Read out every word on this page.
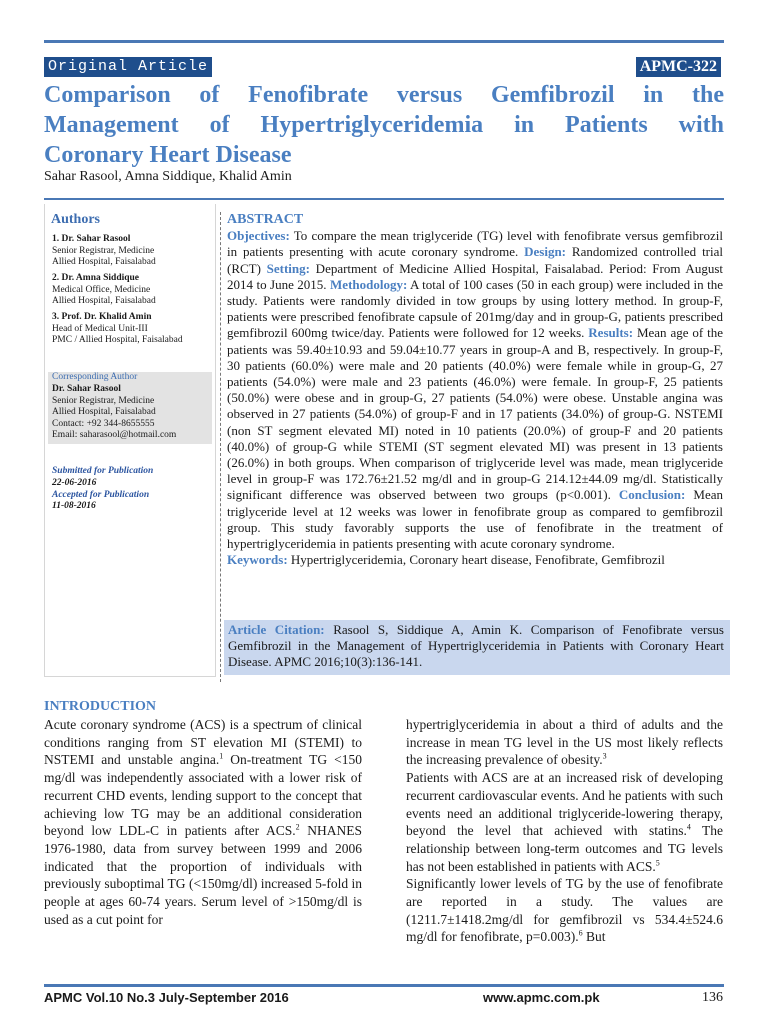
Original Article	APMC-322
Comparison of Fenofibrate versus Gemfibrozil in the
Management of Hypertriglyceridemia in Patients with
Coronary Heart Disease
Sahar Rasool, Amna Siddique, Khalid Amin
Authors
1. Dr. Sahar Rasool
Senior Registrar, Medicine
Allied Hospital, Faisalabad
2. Dr. Amna Siddique
Medical Office, Medicine
Allied Hospital, Faisalabad
3. Prof. Dr. Khalid Amin
Head of Medical Unit-III
PMC / Allied Hospital, Faisalabad
Corresponding Author
Dr. Sahar Rasool
Senior Registrar, Medicine
Allied Hospital, Faisalabad
Contact: +92 344-8655555
Email: saharasool@hotmail.com
Submitted for Publication
22-06-2016
Accepted for Publication
11-08-2016
ABSTRACT
Objectives: To compare the mean triglyceride (TG) level with fenofibrate versus gemfibrozil in patients presenting with acute coronary syndrome. Design: Randomized controlled trial (RCT) Setting: Department of Medicine Allied Hospital, Faisalabad. Period: From August 2014 to June 2015. Methodology: A total of 100 cases (50 in each group) were included in the study. Patients were randomly divided in tow groups by using lottery method. In group-F, patients were prescribed fenofibrate capsule of 201mg/day and in group-G, patients prescribed gemfibrozil 600mg twice/day. Patients were followed for 12 weeks. Results: Mean age of the patients was 59.40±10.93 and 59.04±10.77 years in group-A and B, respectively. In group-F, 30 patients (60.0%) were male and 20 patients (40.0%) were female while in group-G, 27 patients (54.0%) were male and 23 patients (46.0%) were female. In group-F, 25 patients (50.0%) were obese and in group-G, 27 patients (54.0%) were obese. Unstable angina was observed in 27 patients (54.0%) of group-F and in 17 patients (34.0%) of group-G. NSTEMI (non ST segment elevated MI) noted in 10 patients (20.0%) of group-F and 20 patients (40.0%) of group-G while STEMI (ST segment elevated MI) was present in 13 patients (26.0%) in both groups. When comparison of triglyceride level was made, mean triglyceride level in group-F was 172.76±21.52 mg/dl and in group-G 214.12±44.09 mg/dl. Statistically significant difference was observed between two groups (p<0.001). Conclusion: Mean triglyceride level at 12 weeks was lower in fenofibrate group as compared to gemfibrozil group. This study favorably supports the use of fenofibrate in the treatment of hypertriglyceridemia in patients presenting with acute coronary syndrome.
Keywords: Hypertriglyceridemia, Coronary heart disease, Fenofibrate, Gemfibrozil
Article Citation: Rasool S, Siddique A, Amin K. Comparison of Fenofibrate versus Gemfibrozil in the Management of Hypertriglyceridemia in Patients with Coronary Heart Disease. APMC 2016;10(3):136-141.
INTRODUCTION
Acute coronary syndrome (ACS) is a spectrum of clinical conditions ranging from ST elevation MI (STEMI) to NSTEMI and unstable angina.$^1$ On-treatment TG <150 mg/dl was independently associated with a lower risk of recurrent CHD events, lending support to the concept that achieving low TG may be an additional consideration beyond low LDL-C in patients after ACS.$^2$ NHANES 1976-1980, data from survey between 1999 and 2006 indicated that the proportion of individuals with previously suboptimal TG (<150mg/dl) increased 5-fold in people at ages 60-74 years. Serum level of >150mg/dl is used as a cut point for
hypertriglyceridemia in about a third of adults and the increase in mean TG level in the US most likely reflects the increasing prevalence of obesity.$^3$
Patients with ACS are at an increased risk of developing recurrent cardiovascular events. And he patients with such events need an additional triglyceride-lowering therapy, beyond the level that achieved with statins.$^4$ The relationship between long-term outcomes and TG levels has not been established in patients with ACS.$^5$
Significantly lower levels of TG by the use of fenofibrate are reported in a study. The values are (1211.7±1418.2mg/dl for gemfibrozil vs 534.4±524.6 mg/dl for fenofibrate, p=0.003).$^6$ But
APMC Vol.10 No.3 July-September 2016	www.apmc.com.pk	136
